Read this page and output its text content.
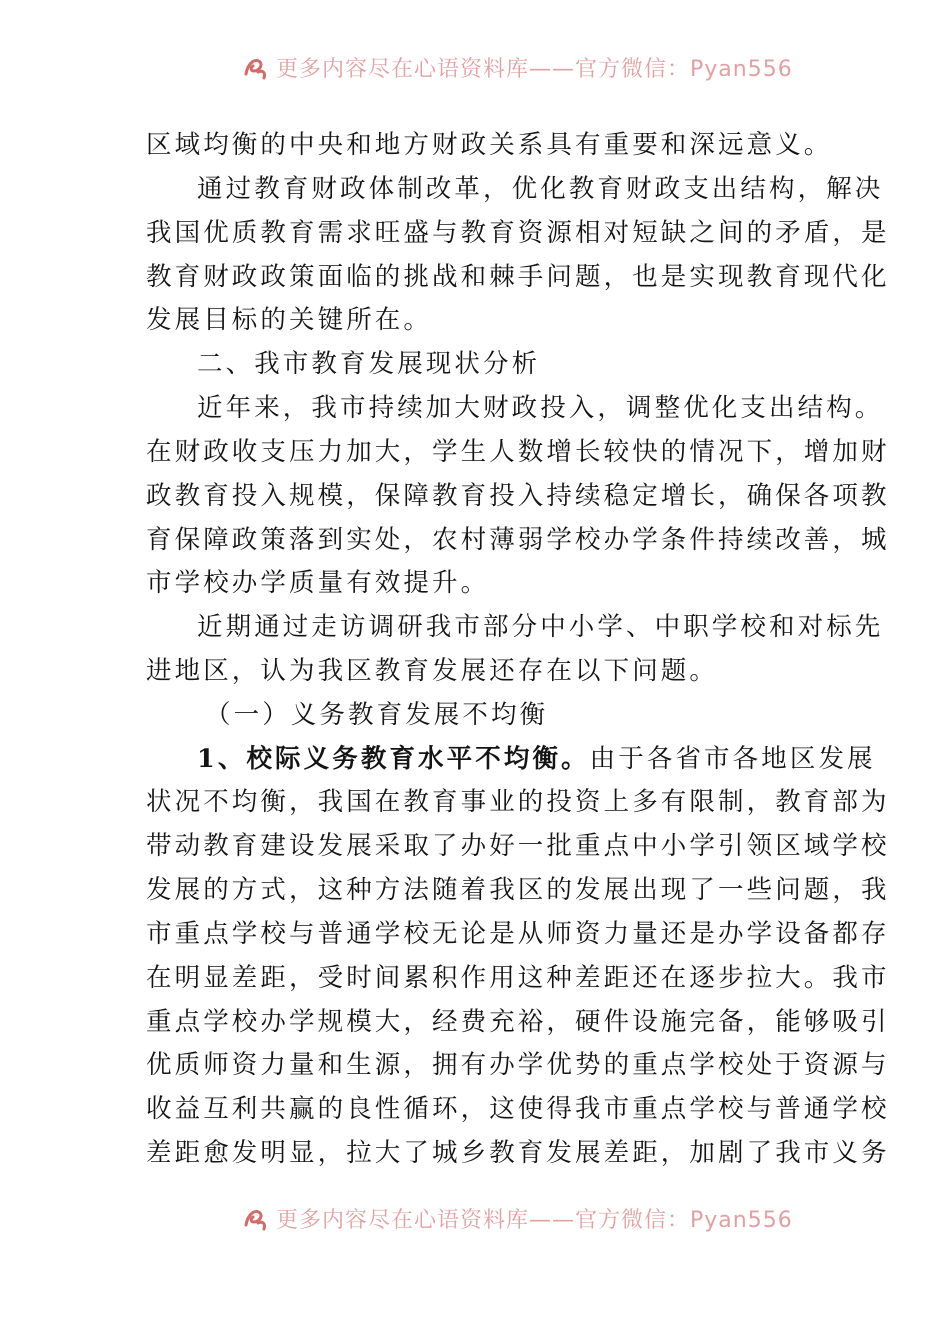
更多内容尽在心语资料库——官方微信：Pyan556
区域均衡的中央和地方财政关系具有重要和深远意义。
通过教育财政体制改革，优化教育财政支出结构，解决
我国优质教育需求旺盛与教育资源相对短缺之间的矛盾，是
教育财政政策面临的挑战和棘手问题，也是实现教育现代化
发展目标的关键所在。
二、我市教育发展现状分析
近年来，我市持续加大财政投入，调整优化支出结构。
在财政收支压力加大，学生人数增长较快的情况下，增加财
政教育投入规模，保障教育投入持续稳定增长，确保各项教
育保障政策落到实处，农村薄弱学校办学条件持续改善，城
市学校办学质量有效提升。
近期通过走访调研我市部分中小学、中职学校和对标先
进地区，认为我区教育发展还存在以下问题。
（一）义务教育发展不均衡
1、校际义务教育水平不均衡。由于各省市各地区发展
状况不均衡，我国在教育事业的投资上多有限制，教育部为
带动教育建设发展采取了办好一批重点中小学引领区域学校
发展的方式，这种方法随着我区的发展出现了一些问题，我
市重点学校与普通学校无论是从师资力量还是办学设备都存
在明显差距，受时间累积作用这种差距还在逐步拉大。我市
重点学校办学规模大，经费充裕，硬件设施完备，能够吸引
优质师资力量和生源，拥有办学优势的重点学校处于资源与
收益互利共赢的良性循环，这使得我市重点学校与普通学校
差距愈发明显，拉大了城乡教育发展差距，加剧了我市义务
更多内容尽在心语资料库——官方微信：Pyan556
